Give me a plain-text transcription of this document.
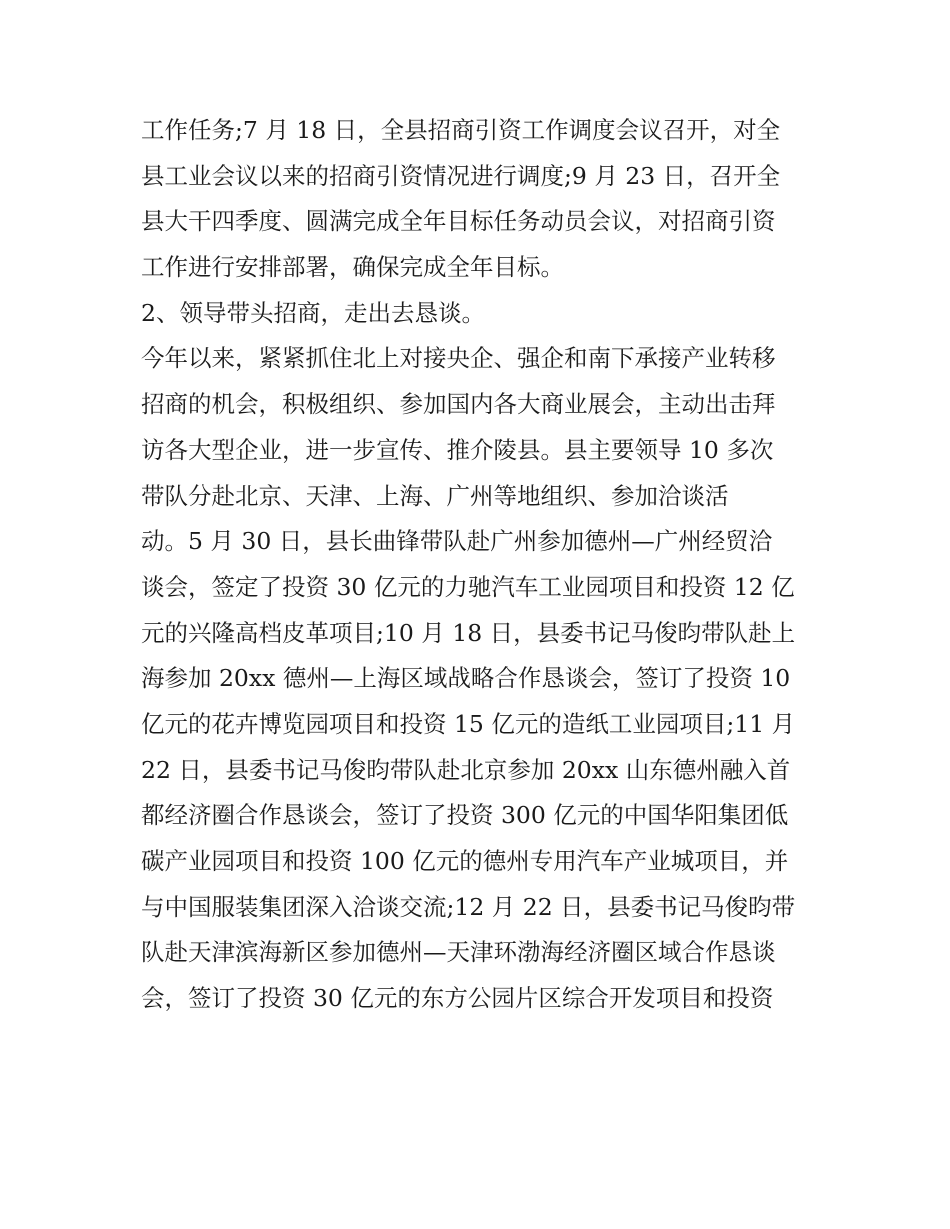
工作任务;7 月 18 日，全县招商引资工作调度会议召开，对全
县工业会议以来的招商引资情况进行调度;9 月 23 日，召开全
县大干四季度、圆满完成全年目标任务动员会议，对招商引资
工作进行安排部署，确保完成全年目标。
2、领导带头招商，走出去恳谈。
今年以来，紧紧抓住北上对接央企、强企和南下承接产业转移
招商的机会，积极组织、参加国内各大商业展会，主动出击拜
访各大型企业，进一步宣传、推介陵县。县主要领导 10 多次
带队分赴北京、天津、上海、广州等地组织、参加洽谈活
动。5 月 30 日，县长曲锋带队赴广州参加德州—广州经贸洽
谈会，签定了投资 30 亿元的力驰汽车工业园项目和投资 12 亿
元的兴隆高档皮革项目;10 月 18 日，县委书记马俊昀带队赴上
海参加 20xx 德州—上海区域战略合作恳谈会，签订了投资 10
亿元的花卉博览园项目和投资 15 亿元的造纸工业园项目;11 月
22 日，县委书记马俊昀带队赴北京参加 20xx 山东德州融入首
都经济圈合作恳谈会，签订了投资 300 亿元的中国华阳集团低
碳产业园项目和投资 100 亿元的德州专用汽车产业城项目，并
与中国服装集团深入洽谈交流;12 月 22 日，县委书记马俊昀带
队赴天津滨海新区参加德州—天津环渤海经济圈区域合作恳谈
会，签订了投资 30 亿元的东方公园片区综合开发项目和投资
